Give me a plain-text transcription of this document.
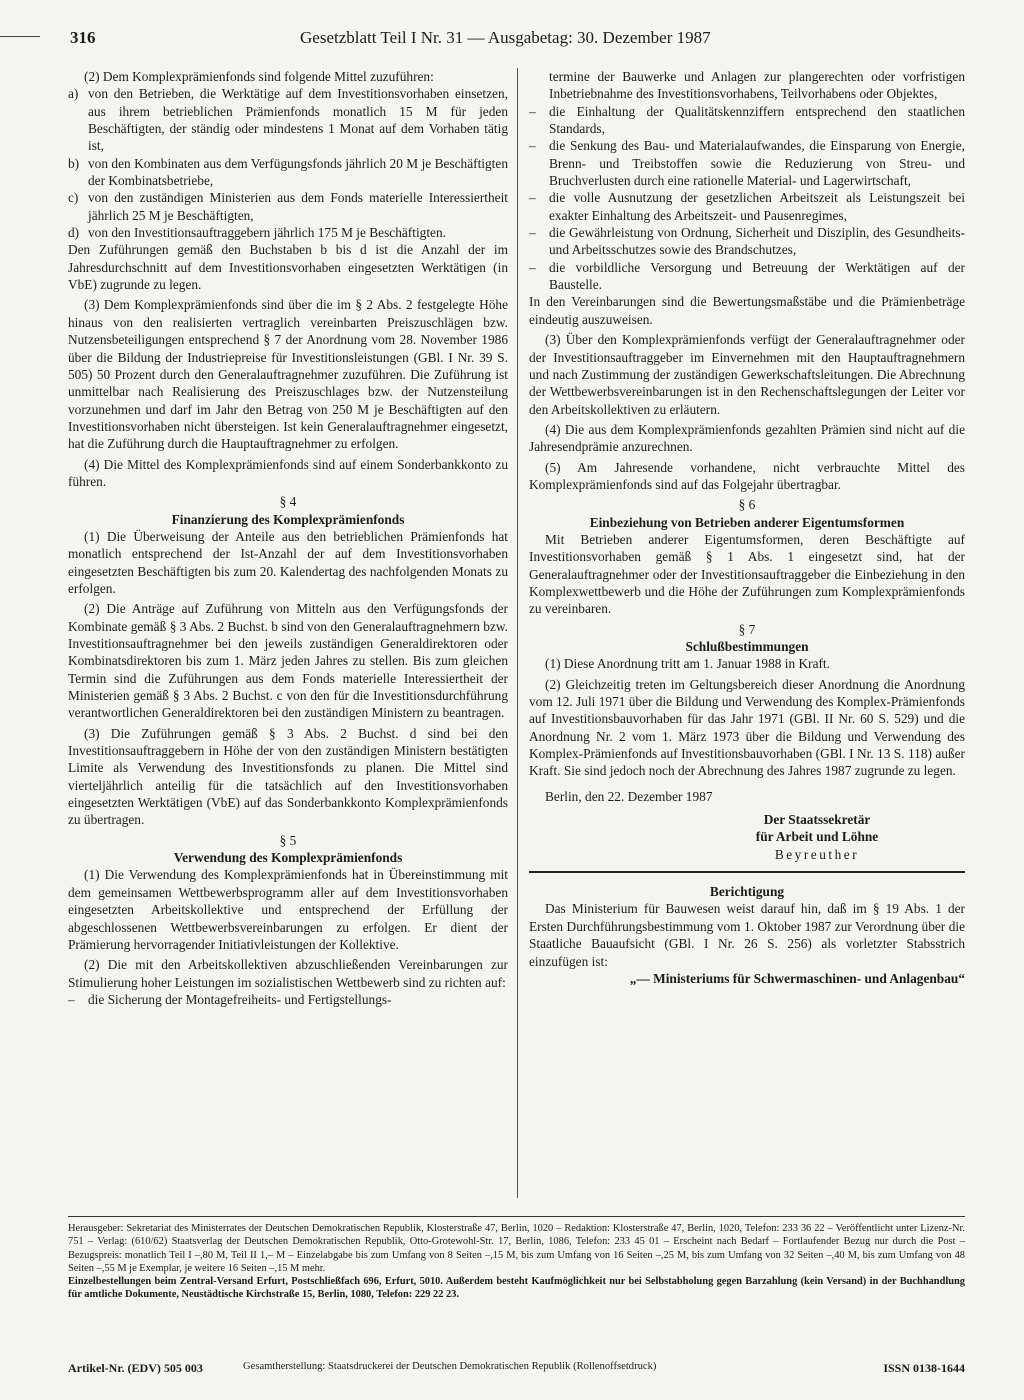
316	Gesetzblatt Teil I Nr. 31 — Ausgabetag: 30. Dezember 1987

(2) Dem Komplexprämienfonds sind folgende Mittel zuzuführen:

a) von den Betrieben, die Werktätige auf dem Investitionsvorhaben einsetzen, aus ihrem betrieblichen Prämienfonds monatlich 15 M für jeden Beschäftigten, der ständig oder mindestens 1 Monat auf dem Vorhaben tätig ist,

b) von den Kombinaten aus dem Verfügungsfonds jährlich 20 M je Beschäftigten der Kombinatsbetriebe,

c) von den zuständigen Ministerien aus dem Fonds materielle Interessiertheit jährlich 25 M je Beschäftigten,

d) von den Investitionsauftraggebern jährlich 175 M je Beschäftigten.

Den Zuführungen gemäß den Buchstaben b bis d ist die Anzahl der im Jahresdurchschnitt auf dem Investitionsvorhaben eingesetzten Werktätigen (in VbE) zugrunde zu legen.

(3) Dem Komplexprämienfonds sind über die im § 2 Abs. 2 festgelegte Höhe hinaus von den realisierten vertraglich vereinbarten Preiszuschlägen bzw. Nutzensbeteiligungen entsprechend § 7 der Anordnung vom 28. November 1986 über die Bildung der Industriepreise für Investitionsleistungen (GBl. I Nr. 39 S. 505) 50 Prozent durch den Generalauftragnehmer zuzuführen. Die Zuführung ist unmittelbar nach Realisierung des Preiszuschlages bzw. der Nutzensteilung vorzunehmen und darf im Jahr den Betrag von 250 M je Beschäftigten auf den Investitionsvorhaben nicht übersteigen. Ist kein Generalauftragnehmer eingesetzt, hat die Zuführung durch die Hauptauftragnehmer zu erfolgen.

(4) Die Mittel des Komplexprämienfonds sind auf einem Sonderbankkonto zu führen.

§ 4

Finanzierung des Komplexprämienfonds

(1) Die Überweisung der Anteile aus den betrieblichen Prämienfonds hat monatlich entsprechend der Ist-Anzahl der auf dem Investitionsvorhaben eingesetzten Beschäftigten bis zum 20. Kalendertag des nachfolgenden Monats zu erfolgen.

(2) Die Anträge auf Zuführung von Mitteln aus den Verfügungsfonds der Kombinate gemäß § 3 Abs. 2 Buchst. b sind von den Generalauftragnehmern bzw. Investitionsauftragnehmer bei den jeweils zuständigen Generaldirektoren oder Kombinatsdirektoren bis zum 1. März jeden Jahres zu stellen. Bis zum gleichen Termin sind die Zuführungen aus dem Fonds materielle Interessiertheit der Ministerien gemäß § 3 Abs. 2 Buchst. c von den für die Investitionsdurchführung verantwortlichen Generaldirektoren bei den zuständigen Ministern zu beantragen.

(3) Die Zuführungen gemäß § 3 Abs. 2 Buchst. d sind bei den Investitionsauftraggebern in Höhe der von den zuständigen Ministern bestätigten Limite als Verwendung des Investitionsfonds zu planen. Die Mittel sind vierteljährlich anteilig für die tatsächlich auf den Investitionsvorhaben eingesetzten Werktätigen (VbE) auf das Sonderbankkonto Komplexprämienfonds zu übertragen.

§ 5

Verwendung des Komplexprämienfonds

(1) Die Verwendung des Komplexprämienfonds hat in Übereinstimmung mit dem gemeinsamen Wettbewerbsprogramm aller auf dem Investitionsvorhaben eingesetzten Arbeitskollektive und entsprechend der Erfüllung der abgeschlossenen Wettbewerbsvereinbarungen zu erfolgen. Er dient der Prämierung hervorragender Initiativleistungen der Kollektive.

(2) Die mit den Arbeitskollektiven abzuschließenden Vereinbarungen zur Stimulierung hoher Leistungen im sozialistischen Wettbewerb sind zu richten auf:

– die Sicherung der Montagefreiheits- und Fertigstellungs-

termine der Bauwerke und Anlagen zur plangerechten oder vorfristigen Inbetriebnahme des Investitionsvorhabens, Teilvorhabens oder Objektes,

– die Einhaltung der Qualitätskennziffern entsprechend den staatlichen Standards,

– die Senkung des Bau- und Materialaufwandes, die Einsparung von Energie, Brenn- und Treibstoffen sowie die Reduzierung von Streu- und Bruchverlusten durch eine rationelle Material- und Lagerwirtschaft,

– die volle Ausnutzung der gesetzlichen Arbeitszeit als Leistungszeit bei exakter Einhaltung des Arbeitszeit- und Pausenregimes,

– die Gewährleistung von Ordnung, Sicherheit und Disziplin, des Gesundheits- und Arbeitsschutzes sowie des Brandschutzes,

– die vorbildliche Versorgung und Betreuung der Werktätigen auf der Baustelle.

In den Vereinbarungen sind die Bewertungsmaßstäbe und die Prämienbeträge eindeutig auszuweisen.

(3) Über den Komplexprämienfonds verfügt der Generalauftragnehmer oder der Investitionsauftraggeber im Einvernehmen mit den Hauptauftragnehmern und nach Zustimmung der zuständigen Gewerkschaftsleitungen. Die Abrechnung der Wettbewerbsvereinbarungen ist in den Rechenschaftslegungen der Leiter vor den Arbeitskollektiven zu erläutern.

(4) Die aus dem Komplexprämienfonds gezahlten Prämien sind nicht auf die Jahresendprämie anzurechnen.

(5) Am Jahresende vorhandene, nicht verbrauchte Mittel des Komplexprämienfonds sind auf das Folgejahr übertragbar.

§ 6

Einbeziehung von Betrieben anderer Eigentumsformen

Mit Betrieben anderer Eigentumsformen, deren Beschäftigte auf Investitionsvorhaben gemäß § 1 Abs. 1 eingesetzt sind, hat der Generalauftragnehmer oder der Investitionsauftraggeber die Einbeziehung in den Komplexwettbewerb und die Höhe der Zuführungen zum Komplexprämienfonds zu vereinbaren.

§ 7

Schlußbestimmungen

(1) Diese Anordnung tritt am 1. Januar 1988 in Kraft.

(2) Gleichzeitig treten im Geltungsbereich dieser Anordnung die Anordnung vom 12. Juli 1971 über die Bildung und Verwendung des Komplex-Prämienfonds auf Investitionsbauvorhaben für das Jahr 1971 (GBl. II Nr. 60 S. 529) und die Anordnung Nr. 2 vom 1. März 1973 über die Bildung und Verwendung des Komplex-Prämienfonds auf Investitionsbauvorhaben (GBl. I Nr. 13 S. 118) außer Kraft. Sie sind jedoch noch der Abrechnung des Jahres 1987 zugrunde zu legen.

Berlin, den 22. Dezember 1987

Der Staatssekretär
für Arbeit und Löhne
Beyreuther

Berichtigung

Das Ministerium für Bauwesen weist darauf hin, daß im § 19 Abs. 1 der Ersten Durchführungsbestimmung vom 1. Oktober 1987 zur Verordnung über die Staatliche Bauaufsicht (GBl. I Nr. 26 S. 256) als vorletzter Stabsstrich einzufügen ist:

„— Ministeriums für Schwermaschinen- und Anlagenbau“

Herausgeber: Sekretariat des Ministerrates der Deutschen Demokratischen Republik, Klosterstraße 47, Berlin, 1020 – Redaktion: Klosterstraße 47, Berlin, 1020, Telefon: 233 36 22 – Veröffentlicht unter Lizenz-Nr. 751 – Verlag: (610/62) Staatsverlag der Deutschen Demokratischen Republik, Otto-Grotewohl-Str. 17, Berlin, 1086, Telefon: 233 45 01 – Erscheint nach Bedarf – Fortlaufender Bezug nur durch die Post – Bezugspreis: monatlich Teil I –,80 M, Teil II 1,– M – Einzelabgabe bis zum Umfang von 8 Seiten –,15 M, bis zum Umfang von 16 Seiten –,25 M, bis zum Umfang von 32 Seiten –,40 M, bis zum Umfang von 48 Seiten –,55 M je Exemplar, je weitere 16 Seiten –,15 M mehr.

Einzelbestellungen beim Zentral-Versand Erfurt, Postschließfach 696, Erfurt, 5010. Außerdem besteht Kaufmöglichkeit nur bei Selbstabholung gegen Barzahlung (kein Versand) in der Buchhandlung für amtliche Dokumente, Neustädtische Kirchstraße 15, Berlin, 1080, Telefon: 229 22 23.

Artikel-Nr. (EDV) 505 003	Gesamtherstellung: Staatsdruckerei der Deutschen Demokratischen Republik (Rollenoffsetdruck)	ISSN 0138-1644
